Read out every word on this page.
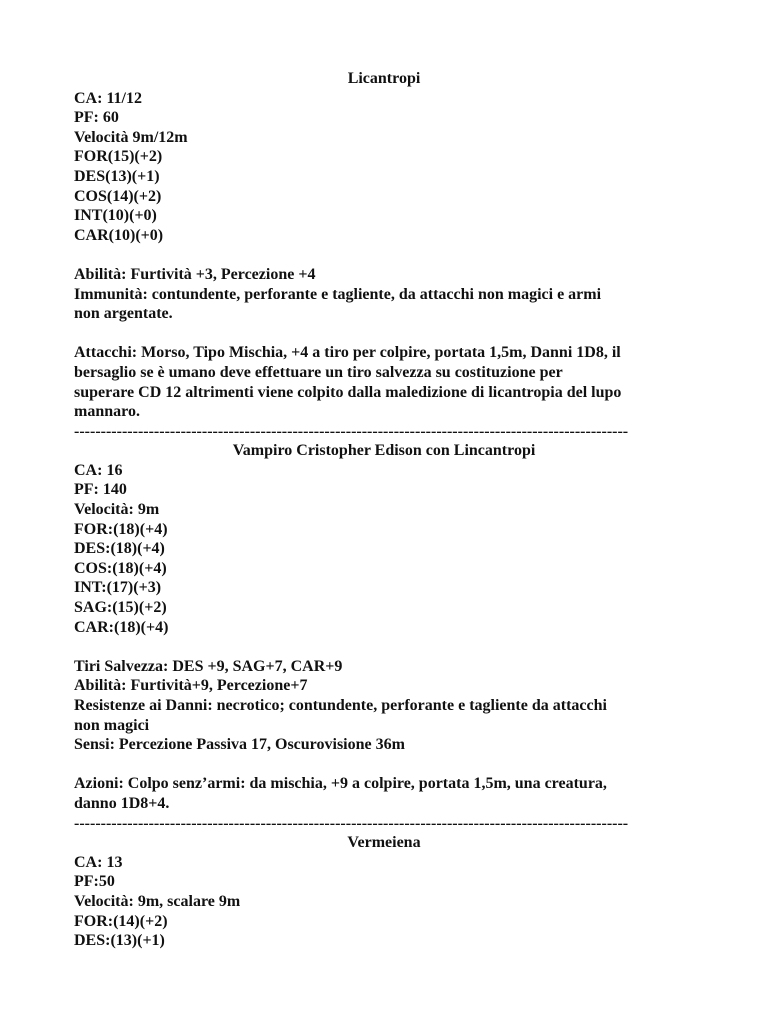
Licantropi
CA: 11/12
PF: 60
Velocità 9m/12m
FOR(15)(+2)
DES(13)(+1)
COS(14)(+2)
INT(10)(+0)
CAR(10)(+0)
Abilità: Furtività +3, Percezione +4
Immunità: contundente, perforante e tagliente, da attacchi non magici e armi
non argentate.
Attacchi: Morso, Tipo Mischia, +4 a tiro per colpire, portata 1,5m, Danni 1D8, il
bersaglio se è umano deve effettuare un tiro salvezza su costituzione per
superare CD 12 altrimenti viene colpito dalla maledizione di licantropia del lupo
mannaro.
--------------------------------------------------------------------------------------------------------
Vampiro Cristopher Edison con Lincantropi
CA: 16
PF: 140
Velocità: 9m
FOR:(18)(+4)
DES:(18)(+4)
COS:(18)(+4)
INT:(17)(+3)
SAG:(15)(+2)
CAR:(18)(+4)
Tiri Salvezza: DES +9, SAG+7, CAR+9
Abilità: Furtività+9, Percezione+7
Resistenze ai Danni: necrotico; contundente, perforante e tagliente da attacchi
non magici
Sensi: Percezione Passiva 17, Oscurovisione 36m
Azioni: Colpo senz’armi: da mischia, +9 a colpire, portata 1,5m, una creatura,
danno 1D8+4.
--------------------------------------------------------------------------------------------------------
Vermeiena
CA: 13
PF:50
Velocità: 9m, scalare 9m
FOR:(14)(+2)
DES:(13)(+1)
